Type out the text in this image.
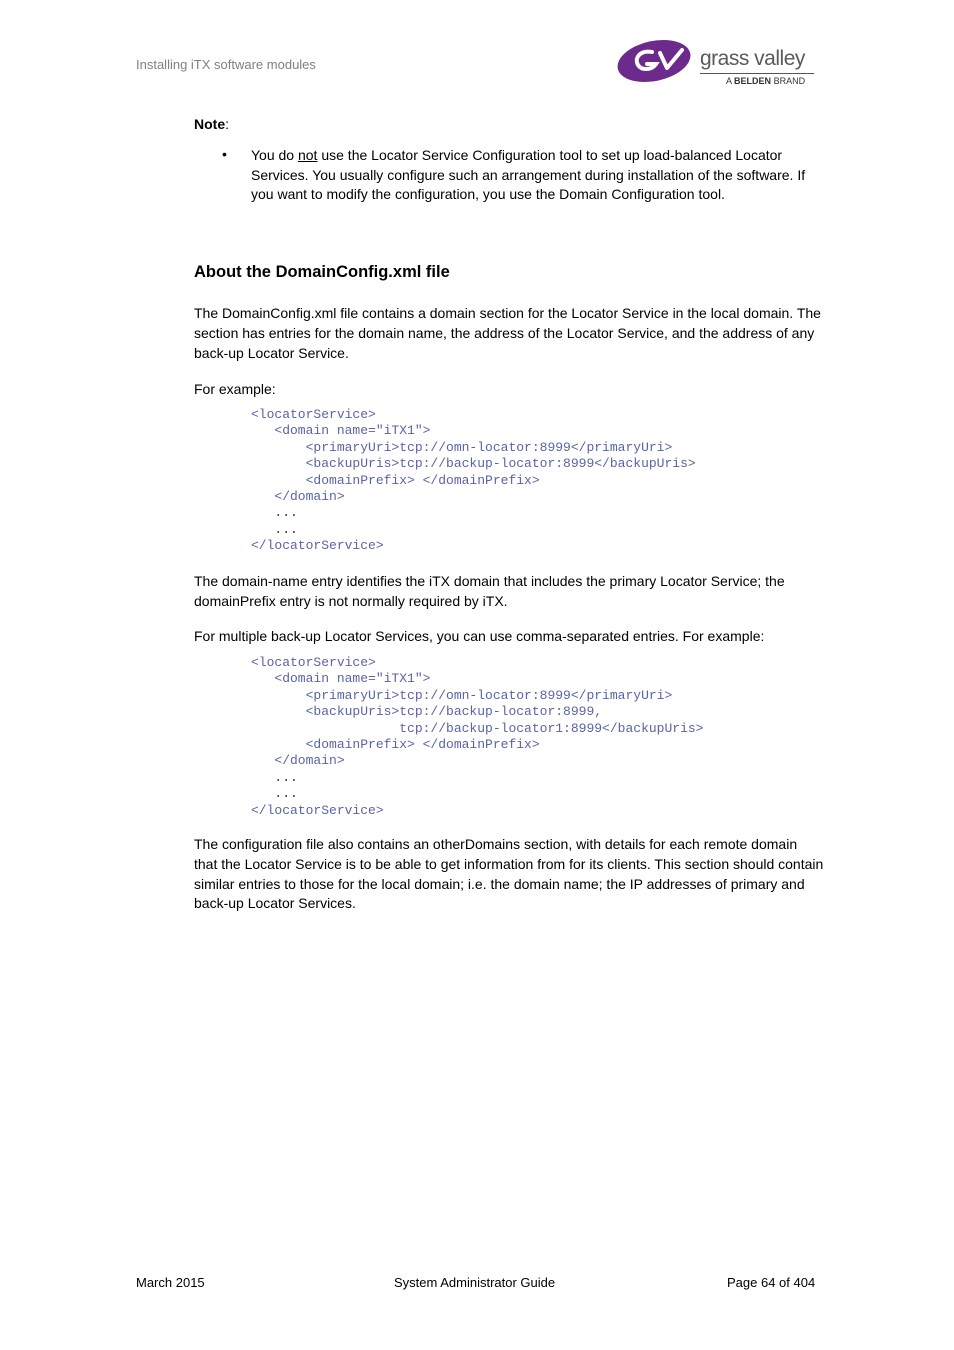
Installing iTX software modules	grass valley
A BELDEN BRAND
Note:
• You do not use the Locator Service Configuration tool to set up load-balanced Locator Services. You usually configure such an arrangement during installation of the software. If you want to modify the configuration, you use the Domain Configuration tool.
About the DomainConfig.xml file
The DomainConfig.xml file contains a domain section for the Locator Service in the local domain. The section has entries for the domain name, the address of the Locator Service, and the address of any back-up Locator Service.
For example:
<locatorService>
<domain name="iTX1">
<primaryUri>tcp://omn-locator:8999</primaryUri>
<backupUris>tcp://backup-locator:8999</backupUris>
<domainPrefix> </domainPrefix>
</domain>
...
...
</locatorService>
The domain-name entry identifies the iTX domain that includes the primary Locator Service; the domainPrefix entry is not normally required by iTX.
For multiple back-up Locator Services, you can use comma-separated entries. For example:
<locatorService>
<domain name="iTX1">
<primaryUri>tcp://omn-locator:8999</primaryUri>
<backupUris>tcp://backup-locator:8999,
tcp://backup-locator1:8999</backupUris>
<domainPrefix> </domainPrefix>
</domain>
...
...
</locatorService>
The configuration file also contains an otherDomains section, with details for each remote domain that the Locator Service is to be able to get information from for its clients. This section should contain similar entries to those for the local domain; i.e. the domain name; the IP addresses of primary and back-up Locator Services.
March 2015	System Administrator Guide	Page 64 of 404
